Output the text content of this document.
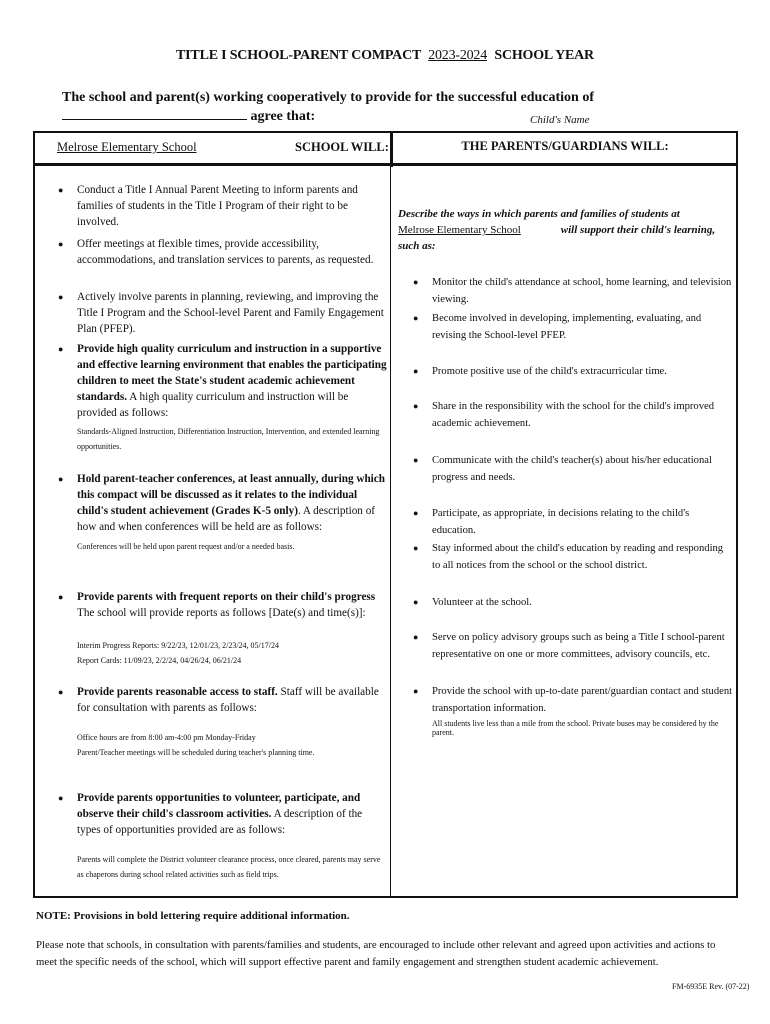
TITLE I SCHOOL-PARENT COMPACT 2023-2024 SCHOOL YEAR
The school and parent(s) working cooperatively to provide for the successful education of  agree that:	Child's Name
Melrose Elementary School	SCHOOL WILL:	THE PARENTS/GUARDIANS WILL:
● Conduct a Title I Annual Parent Meeting to inform parents and families of students in the Title I Program of their right to be involved.
● Offer meetings at flexible times, provide accessibility, accommodations, and translation services to parents, as requested.
● Actively involve parents in planning, reviewing, and improving the Title I Program and the School-level Parent and Family Engagement Plan (PFEP).
● Provide high quality curriculum and instruction in a supportive and effective learning environment that enables the participating children to meet the State's student academic achievement standards. A high quality curriculum and instruction will be provided as follows:
Standards-Aligned Instruction, Differentiation Instruction, Intervention, and extended learning opportunities.
● Hold parent-teacher conferences, at least annually, during which this compact will be discussed as it relates to the individual child's student achievement (Grades K-5 only). A description of how and when conferences will be held are as follows:
Conferences will be held upon parent request and/or a needed basis.
● Provide parents with frequent reports on their child's progress The school will provide reports as follows [Date(s) and time(s)]:
Interim Progress Reports: 9/22/23, 12/01/23, 2/23/24, 05/17/24
Report Cards: 11/09/23, 2/2/24, 04/26/24, 06/21/24
● Provide parents reasonable access to staff. Staff will be available for consultation with parents as follows:
Office hours are from 8:00 am-4:00 pm Monday-Friday
Parent/Teacher meetings will be scheduled during teacher's planning time.
● Provide parents opportunities to volunteer, participate, and observe their child's classroom activities. A description of the types of opportunities provided are as follows:
Parents will complete the District volunteer clearance process, once cleared, parents may serve as chaperons during school related activities such as field trips.
Describe the ways in which parents and families of students at
Melrose Elementary School	will support their child's learning, such as:
● Monitor the child's attendance at school, home learning, and television viewing.
● Become involved in developing, implementing, evaluating, and revising the School-level PFEP.
● Promote positive use of the child's extracurricular time.
● Share in the responsibility with the school for the child's improved academic achievement.
● Communicate with the child's teacher(s) about his/her educational progress and needs.
● Participate, as appropriate, in decisions relating to the child's education.
● Stay informed about the child's education by reading and responding to all notices from the school or the school district.
● Volunteer at the school.
● Serve on policy advisory groups such as being a Title I school-parent representative on one or more committees, advisory councils, etc.
● Provide the school with up-to-date parent/guardian contact and student transportation information.
All students live less than a mile from the school. Private buses may be considered by the parent.
NOTE: Provisions in bold lettering require additional information.
Please note that schools, in consultation with parents/families and students, are encouraged to include other relevant and agreed upon activities and actions to meet the specific needs of the school, which will support effective parent and family engagement and strengthen student academic achievement.
FM-6935E Rev. (07-22)
